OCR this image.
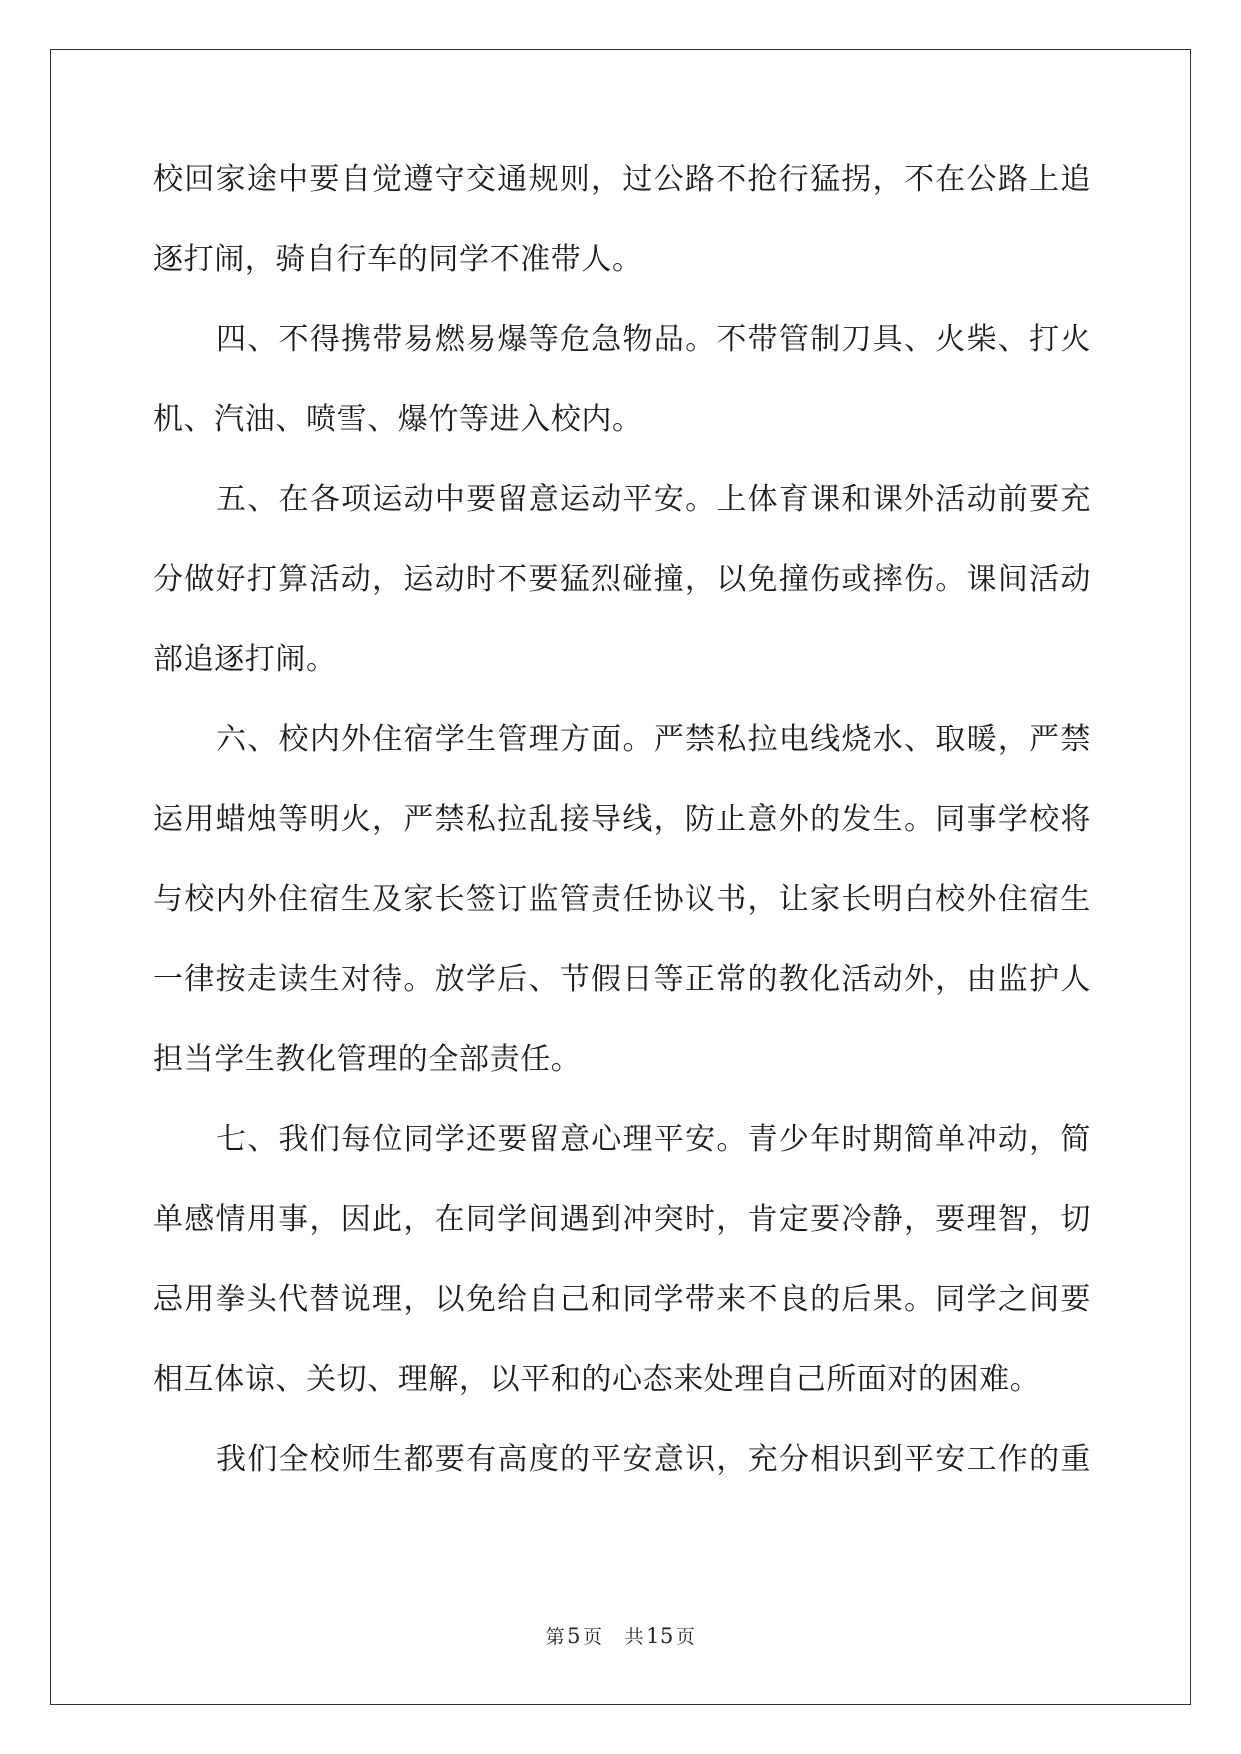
校回家途中要自觉遵守交通规则，过公路不抢行猛拐，不在公路上追
逐打闹，骑自行车的同学不准带人。
四、不得携带易燃易爆等危急物品。不带管制刀具、火柴、打火
机、汽油、喷雪、爆竹等进入校内。
五、在各项运动中要留意运动平安。上体育课和课外活动前要充
分做好打算活动，运动时不要猛烈碰撞，以免撞伤或摔伤。课间活动
部追逐打闹。
六、校内外住宿学生管理方面。严禁私拉电线烧水、取暖，严禁
运用蜡烛等明火，严禁私拉乱接导线，防止意外的发生。同事学校将
与校内外住宿生及家长签订监管责任协议书，让家长明白校外住宿生
一律按走读生对待。放学后、节假日等正常的教化活动外，由监护人
担当学生教化管理的全部责任。
七、我们每位同学还要留意心理平安。青少年时期简单冲动，简
单感情用事，因此，在同学间遇到冲突时，肯定要冷静，要理智，切
忌用拳头代替说理，以免给自己和同学带来不良的后果。同学之间要
相互体谅、关切、理解，以平和的心态来处理自己所面对的困难。
我们全校师生都要有高度的平安意识，充分相识到平安工作的重
第5 页 共15 页
